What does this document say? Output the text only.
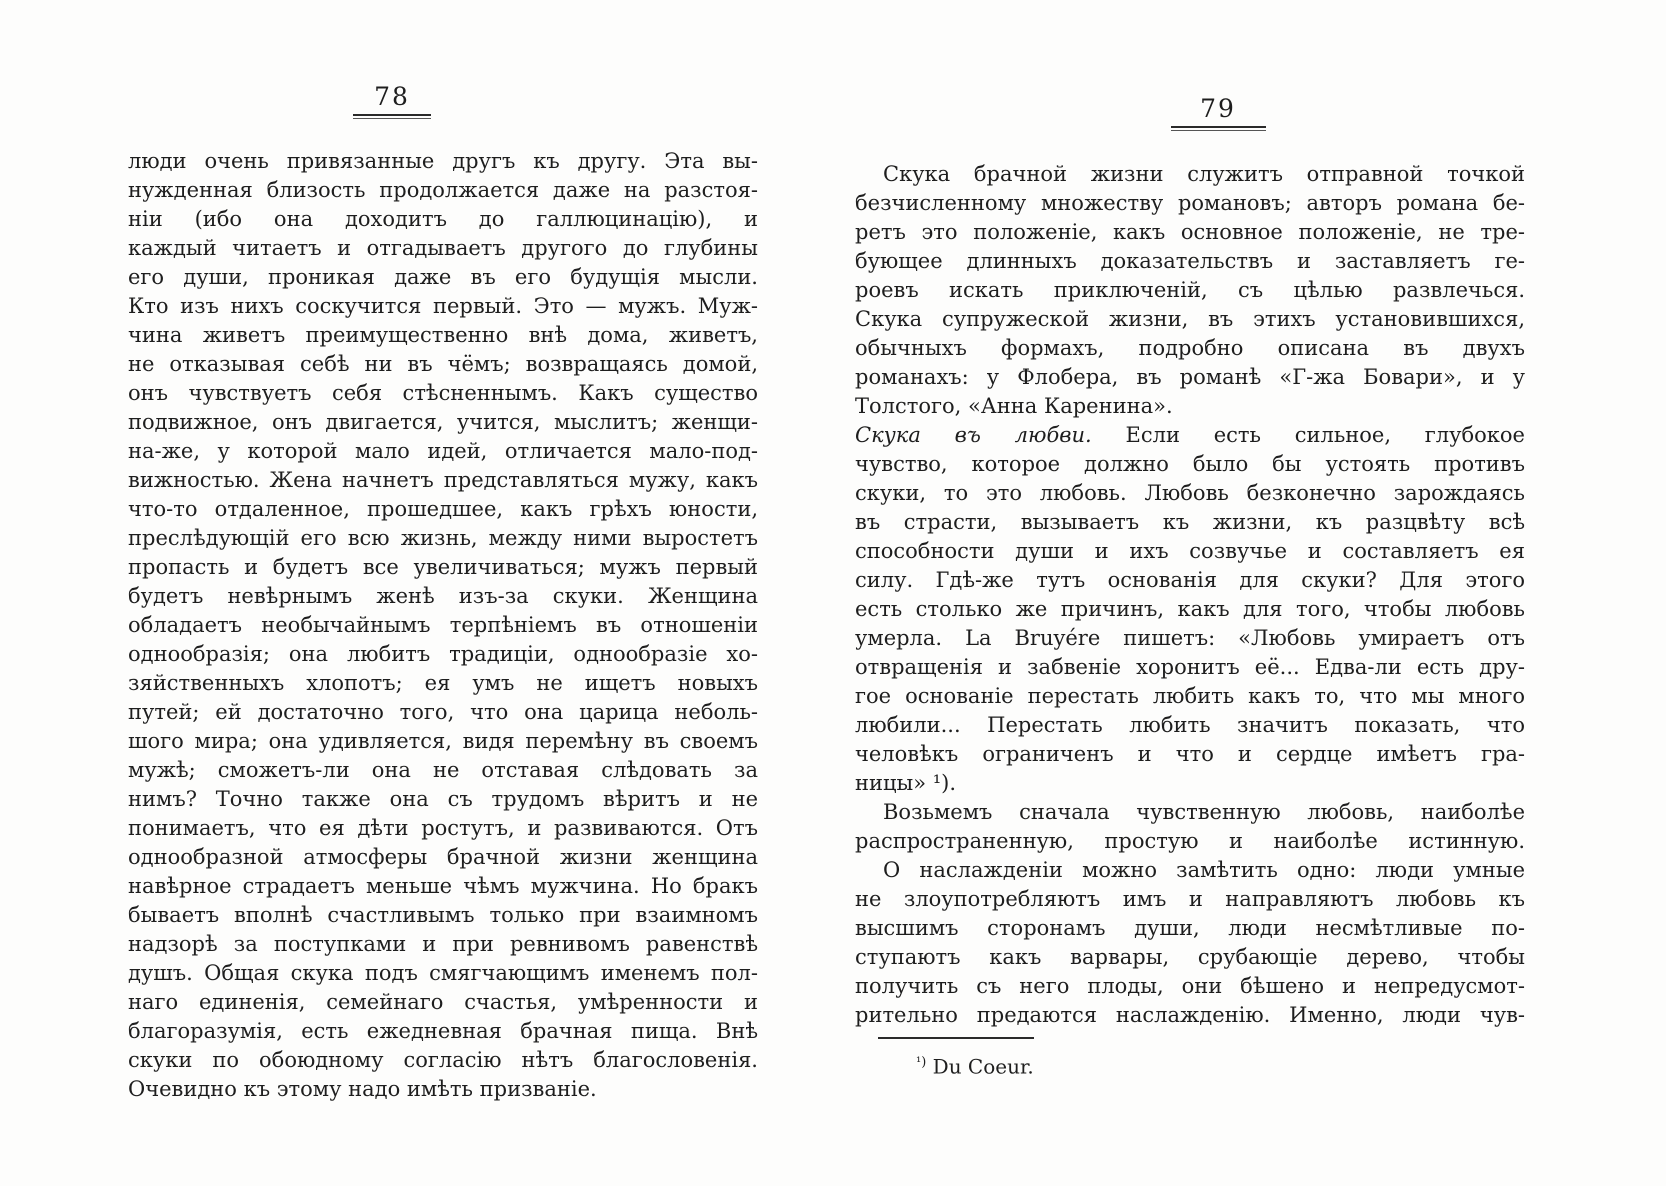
78	79
люди очень привязанные другъ къ другу. Эта вы-
нужденная близость продолжается даже на разстоя-
ніи (ибо она доходитъ до галлюцинацію), и
каждый читаетъ и отгадываетъ другого до глубины
его души, проникая даже въ его будущія мысли.
Кто изъ нихъ соскучится первый. Это — мужъ. Муж-
чина живетъ преимущественно внѣ дома, живетъ,
не отказывая себѣ ни въ чёмъ; возвращаясь домой,
онъ чувствуетъ себя стѣсненнымъ. Какъ существо
подвижное, онъ двигается, учится, мыслитъ; женщи-
на-же, у которой мало идей, отличается мало-под-
вижностью. Жена начнетъ представляться мужу, какъ
что-то отдаленное, прошедшее, какъ грѣхъ юности,
преслѣдующій его всю жизнь, между ними выростетъ
пропасть и будетъ все увеличиваться; мужъ первый
будетъ невѣрнымъ женѣ изъ-за скуки. Женщина
обладаетъ необычайнымъ терпѣніемъ въ отношеніи
однообразія; она любитъ традиціи, однообразіе хо-
зяйственныхъ хлопотъ; ея умъ не ищетъ новыхъ
путей; ей достаточно того, что она царица неболь-
шого мира; она удивляется, видя перемѣну въ своемъ
мужѣ; сможетъ-ли она не отставая слѣдовать за
нимъ? Точно также она съ трудомъ вѣритъ и не
понимаетъ, что ея дѣти ростутъ, и развиваются. Отъ
однообразной атмосферы брачной жизни женщина
навѣрное страдаетъ меньше чѣмъ мужчина. Но бракъ
бываетъ вполнѣ счастливымъ только при взаимномъ
надзорѣ за поступками и при ревнивомъ равенствѣ
душъ. Общая скука подъ смягчающимъ именемъ пол-
наго единенія, семейнаго счастья, умѣренности и
благоразумія, есть ежедневная брачная пища. Внѣ
скуки по обоюдному согласію нѣтъ благословенія.
Очевидно къ этому надо имѣть призваніе.
Скука брачной жизни служитъ отправной точкой
безчисленному множеству романовъ; авторъ романа бе-
ретъ это положеніе, какъ основное положеніе, не тре-
бующее длинныхъ доказательствъ и заставляетъ ге-
роевъ искать приключеній, съ цѣлью развлечься.
Скука супружеской жизни, въ этихъ установившихся,
обычныхъ формахъ, подробно описана въ двухъ
романахъ: у Флобера, въ романѣ «Г-жа Бовари», и у
Толстого, «Анна Каренина».
Скука въ любви. Если есть сильное, глубокое
чувство, которое должно было бы устоять противъ
скуки, то это любовь. Любовь безконечно зарождаясь
въ страсти, вызываетъ къ жизни, къ разцвѣту всѣ
способности души и ихъ созвучье и составляетъ ея
силу. Гдѣ-же тутъ основанія для скуки? Для этого
есть столько же причинъ, какъ для того, чтобы любовь
умерла. La Bruyére пишетъ: «Любовь умираетъ отъ
отвращенія и забвеніе хоронитъ её... Едва-ли есть дру-
гое основаніе перестать любить какъ то, что мы много
любили... Перестать любить значитъ показать, что
человѣкъ ограниченъ и что и сердце имѣетъ гра-
ницы» ¹).
Возьмемъ сначала чувственную любовь, наиболѣе
распространенную, простую и наиболѣе истинную.
О наслажденіи можно замѣтить одно: люди умные
не злоупотребляютъ имъ и направляютъ любовь къ
высшимъ сторонамъ души, люди несмѣтливые по-
ступаютъ какъ варвары, срубающіе дерево, чтобы
получить съ него плоды, они бѣшено и непредусмот-
рительно предаются наслажденію. Именно, люди чув-
$^{^1)}$ Du Coeur.
